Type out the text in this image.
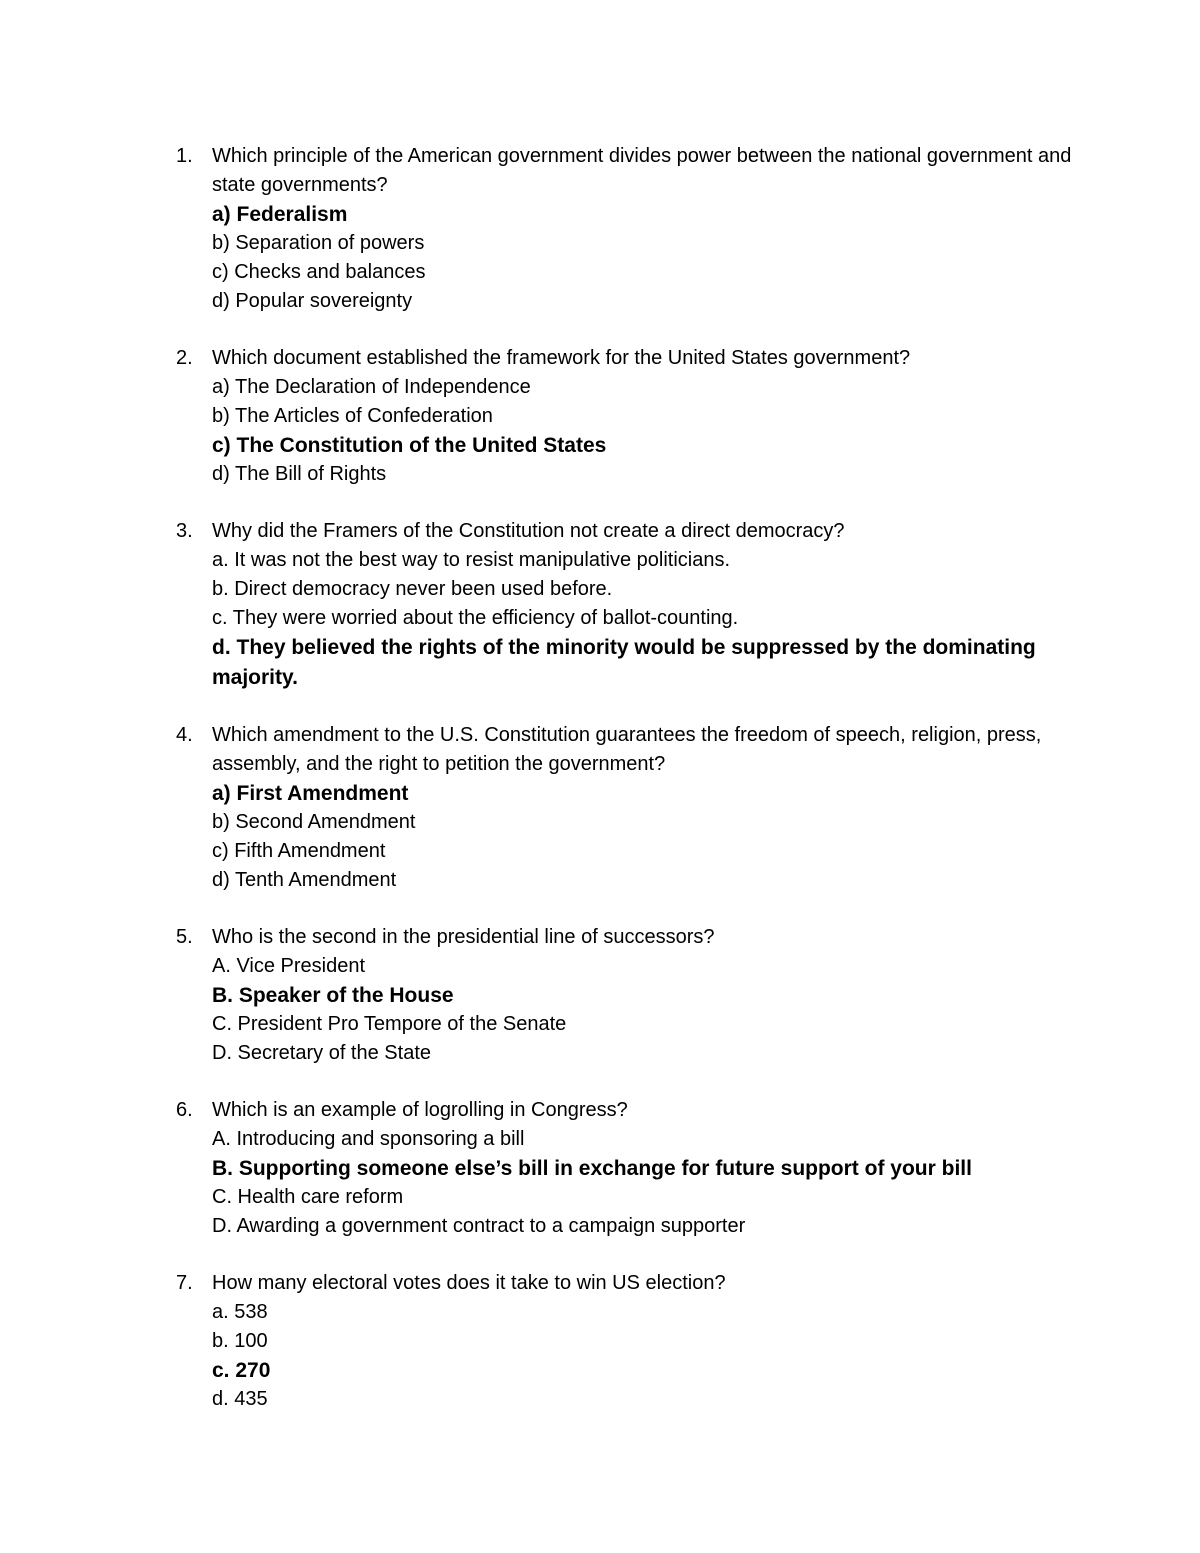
1. Which principle of the American government divides power between the national government and state governments?
a) Federalism
b) Separation of powers
c) Checks and balances
d) Popular sovereignty
2. Which document established the framework for the United States government?
a) The Declaration of Independence
b) The Articles of Confederation
c) The Constitution of the United States
d) The Bill of Rights
3. Why did the Framers of the Constitution not create a direct democracy?
a. It was not the best way to resist manipulative politicians.
b. Direct democracy never been used before.
c. They were worried about the efficiency of ballot-counting.
d. They believed the rights of the minority would be suppressed by the dominating majority.
4. Which amendment to the U.S. Constitution guarantees the freedom of speech, religion, press, assembly, and the right to petition the government?
a) First Amendment
b) Second Amendment
c) Fifth Amendment
d) Tenth Amendment
5. Who is the second in the presidential line of successors?
A. Vice President
B. Speaker of the House
C. President Pro Tempore of the Senate
D. Secretary of the State
6. Which is an example of logrolling in Congress?
A. Introducing and sponsoring a bill
B. Supporting someone else’s bill in exchange for future support of your bill
C. Health care reform
D. Awarding a government contract to a campaign supporter
7. How many electoral votes does it take to win US election?
a. 538
b. 100
c. 270
d. 435
